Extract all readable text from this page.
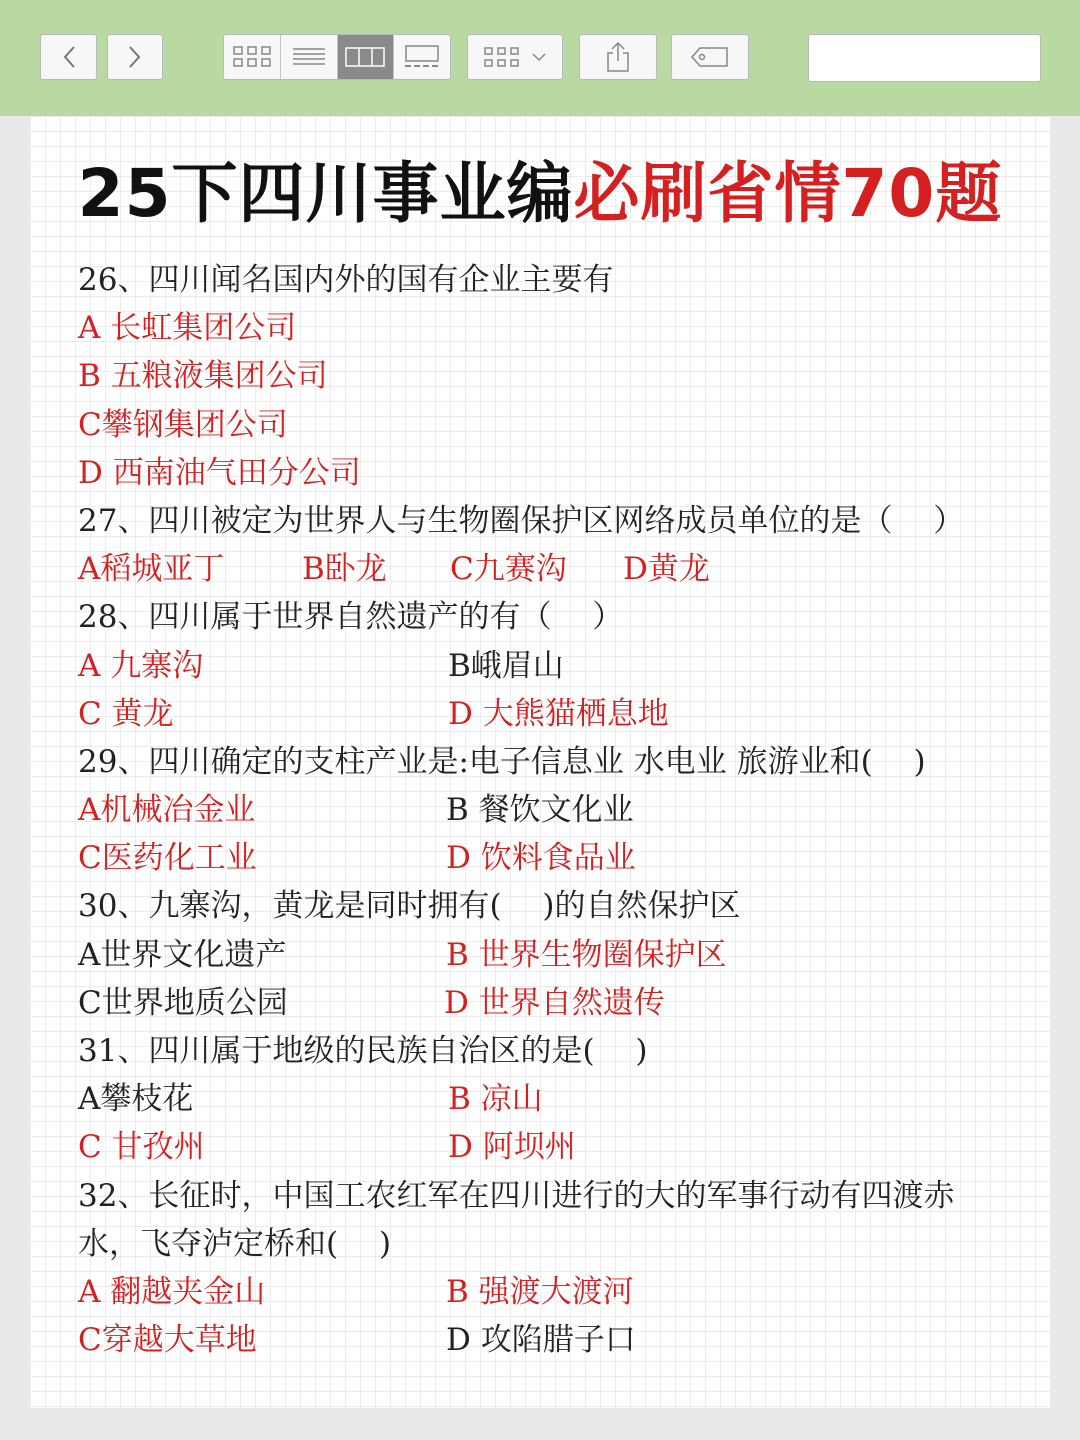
25下四川事业编必刷省情70题
26、四川闻名国内外的国有企业主要有
A 长虹集团公司
B 五粮液集团公司
C攀钢集团公司
D 西南油气田分公司
27、四川被定为世界人与生物圈保护区网络成员单位的是（　 ）
A稻城亚丁	B卧龙 C九赛沟 D黄龙
28、四川属于世界自然遗产的有（　 ）
A 九寨沟	B峨眉山
C 黄龙	D 大熊猫栖息地
29、四川确定的支柱产业是:电子信息业 水电业 旅游业和(　 )
A机械冶金业	B 餐饮文化业
C医药化工业	D 饮料食品业
30、九寨沟，黄龙是同时拥有(　 )的自然保护区
A世界文化遗产	B 世界生物圈保护区
C世界地质公园	D 世界自然遗传
31、四川属于地级的民族自治区的是(　 )
A攀枝花	B 凉山
C 甘孜州	D 阿坝州
32、长征时，中国工农红军在四川进行的大的军事行动有四渡赤
水，飞夺泸定桥和(　 )
A 翻越夹金山	B 强渡大渡河
C穿越大草地	D 攻陷腊子口
